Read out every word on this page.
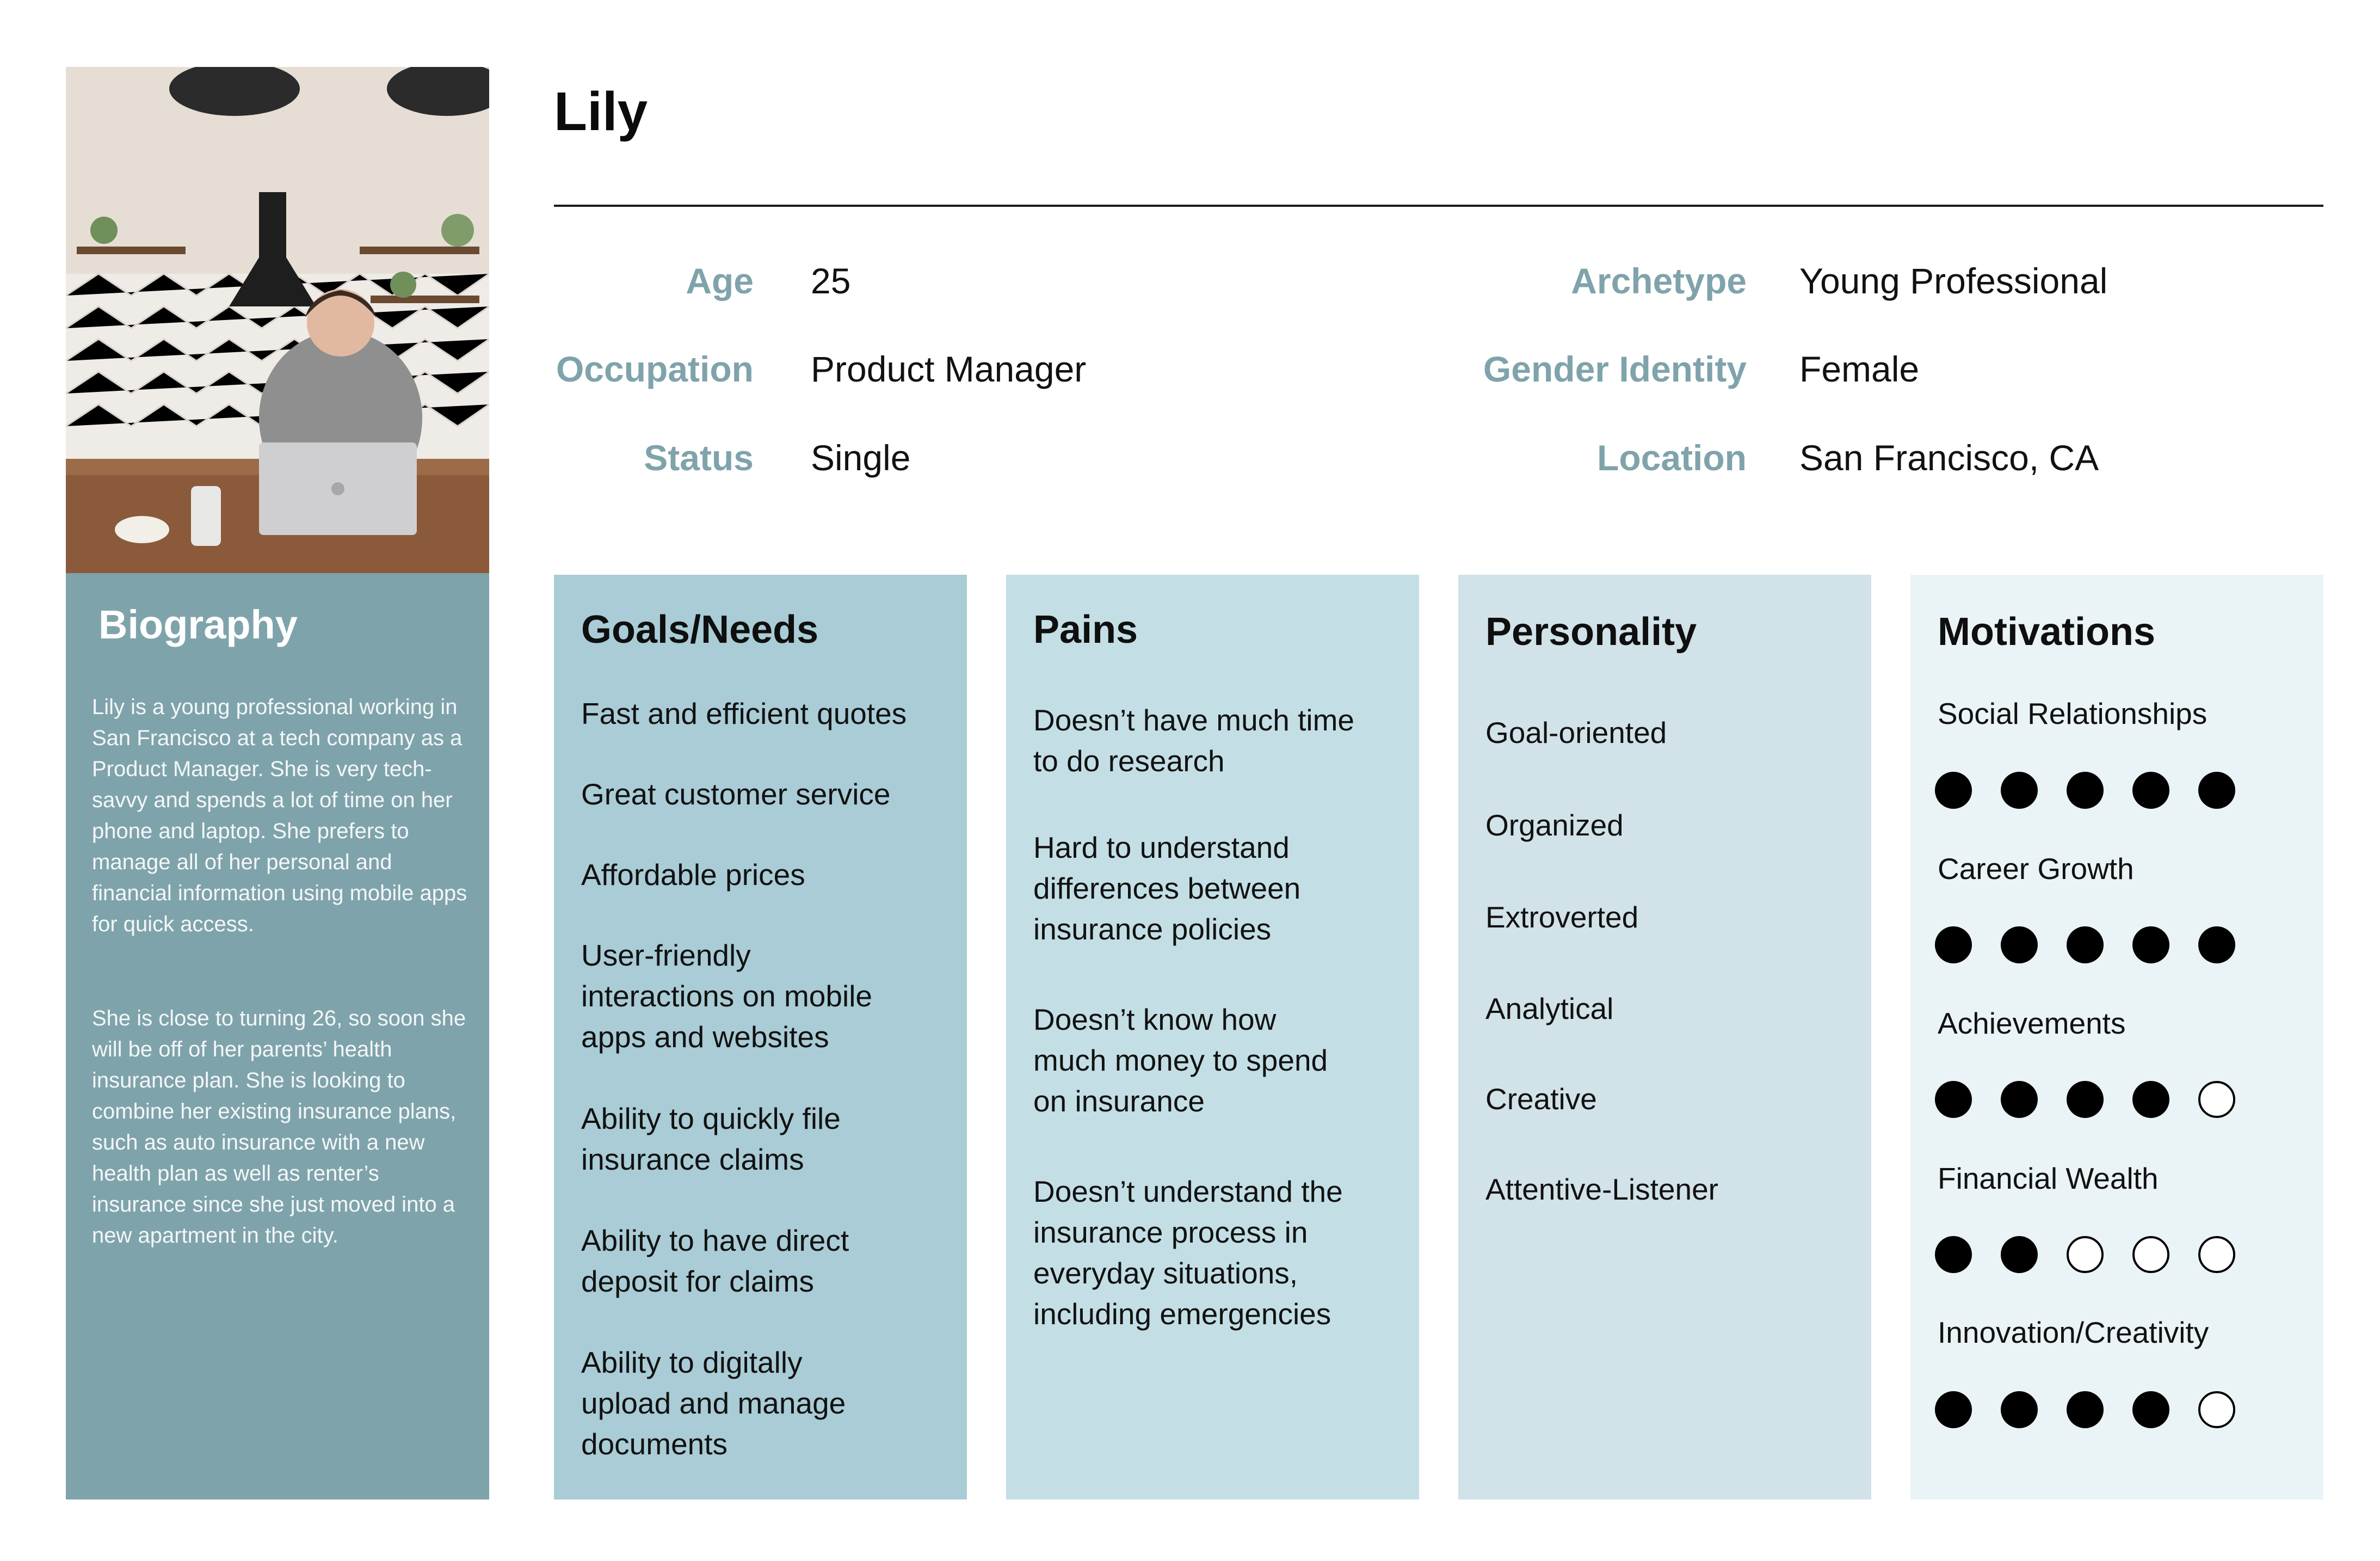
Biography

Lily is a young professional working in San Francisco at a tech company as a Product Manager. She is very tech-savvy and spends a lot of time on her phone and laptop. She prefers to manage all of her personal and financial information using mobile apps for quick access.

She is close to turning 26, so soon she will be off of her parents’ health insurance plan. She is looking to combine her existing insurance plans, such as auto insurance with a new health plan as well as renter’s insurance since she just moved into a new apartment in the city.

Lily
Age 25
Occupation Product Manager
Status Single
Archetype Young Professional
Gender Identity Female
Location San Francisco, CA
Goals/Needs

Fast and efficient quotes

Great customer service

Affordable prices

User-friendly interactions on mobile apps and websites

Ability to quickly file insurance claims

Ability to have direct deposit for claims

Ability to digitally upload and manage documents

Pains

Doesn’t have much time to do research

Hard to understand differences between insurance policies

Doesn’t know how much money to spend on insurance

Doesn’t understand the insurance process in everyday situations, including emergencies

Personality

Goal-oriented

Organized

Extroverted

Analytical

Creative

Attentive-Listener

Motivations

Social Relationships

Career Growth

Achievements

Financial Wealth

Innovation/Creativity
